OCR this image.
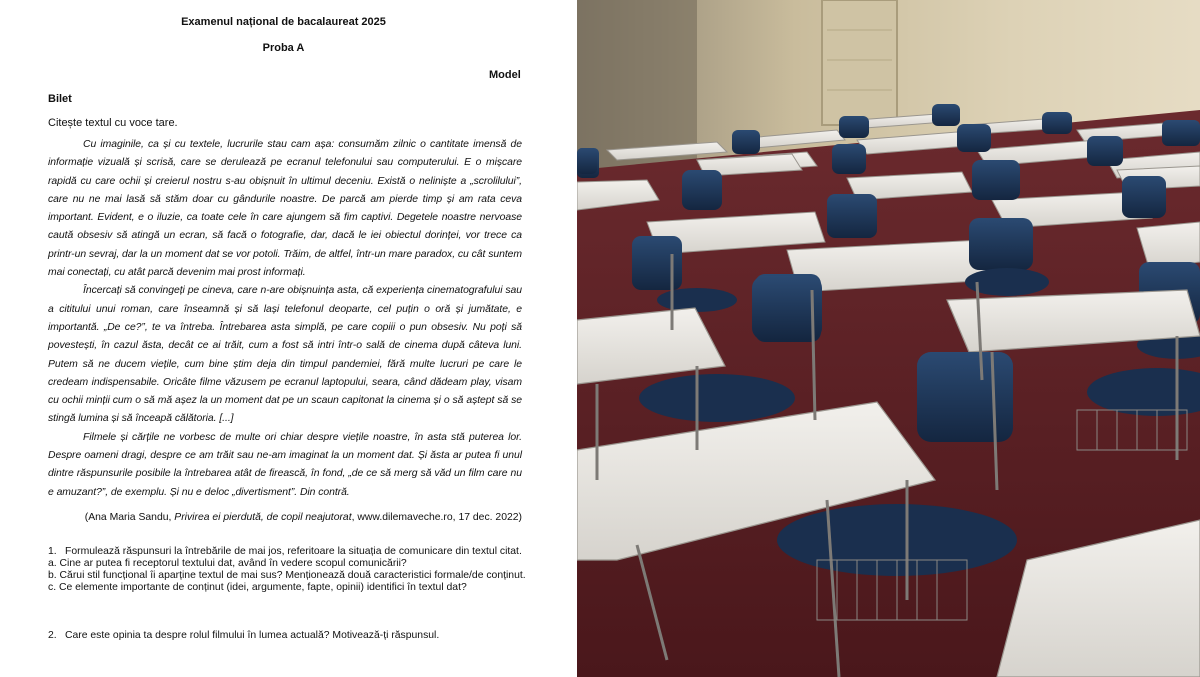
Examenul național de bacalaureat 2025
Proba A
Model
Bilet
Citește textul cu voce tare.

Cu imaginile, ca și cu textele, lucrurile stau cam așa: consumăm zilnic o cantitate imensă de informație vizuală și scrisă, care se derulează pe ecranul telefonului sau computerului. E o mișcare rapidă cu care ochii și creierul nostru s-au obișnuit în ultimul deceniu. Există o neliniște a „scrolilului”, care nu ne mai lasă să stăm doar cu gândurile noastre. De parcă am pierde timp și am rata ceva important. Evident, e o iluzie, ca toate cele în care ajungem să fim captivi. Degetele noastre nervoase caută obsesiv să atingă un ecran, să facă o fotografie, dar, dacă le iei obiectul dorinței, vor trece ca printr-un sevraj, dar la un moment dat se vor potoli. Trăim, de altfel, într-un mare paradox, cu cât suntem mai conectați, cu atât parcă devenim mai prost informați.

Încercați să convingeți pe cineva, care n-are obișnuința asta, că experiența cinematografului sau a cititului unui roman, care înseamnă și să lași telefonul deoparte, cel puțin o oră și jumătate, e importantă. „De ce?”, te va întreba. Întrebarea asta simplă, pe care copiii o pun obsesiv. Nu poți să povestești, în cazul ăsta, decât ce ai trăit, cum a fost să intri într-o sală de cinema după câteva luni. Putem să ne ducem viețile, cum bine știm deja din timpul pandemiei, fără multe lucruri pe care le credeam indispensabile. Oricâte filme văzusem pe ecranul laptopului, seara, când dădeam play, visam cu ochii minții cum o să mă așez la un moment dat pe un scaun capitonat la cinema și o să aștept să se stingă lumina și să înceapă călătoria. [...]

Filmele și cărțile ne vorbesc de multe ori chiar despre viețile noastre, în asta stă puterea lor. Despre oameni dragi, despre ce am trăit sau ne-am imaginat la un moment dat. Și ăsta ar putea fi unul dintre răspunsurile posibile la întrebarea atât de firească, în fond, „de ce să merg să văd un film care nu e amuzant?”, de exemplu. Și nu e deloc „divertisment”. Din contră.

(Ana Maria Sandu, Privirea ei pierdută, de copil neajutorat, www.dilemaveche.ro, 17 dec. 2022)
1. Formulează răspunsuri la întrebările de mai jos, referitoare la situația de comunicare din textul citat.
a. Cine ar putea fi receptorul textului dat, având în vedere scopul comunicării?
b. Cărui stil funcțional îi aparține textul de mai sus? Menționează două caracteristici formale/de conținut.
c. Ce elemente importante de conținut (idei, argumente, fapte, opinii) identifici în textul dat?
2. Care este opinia ta despre rolul filmului în lumea actuală? Motivează-ți răspunsul.
